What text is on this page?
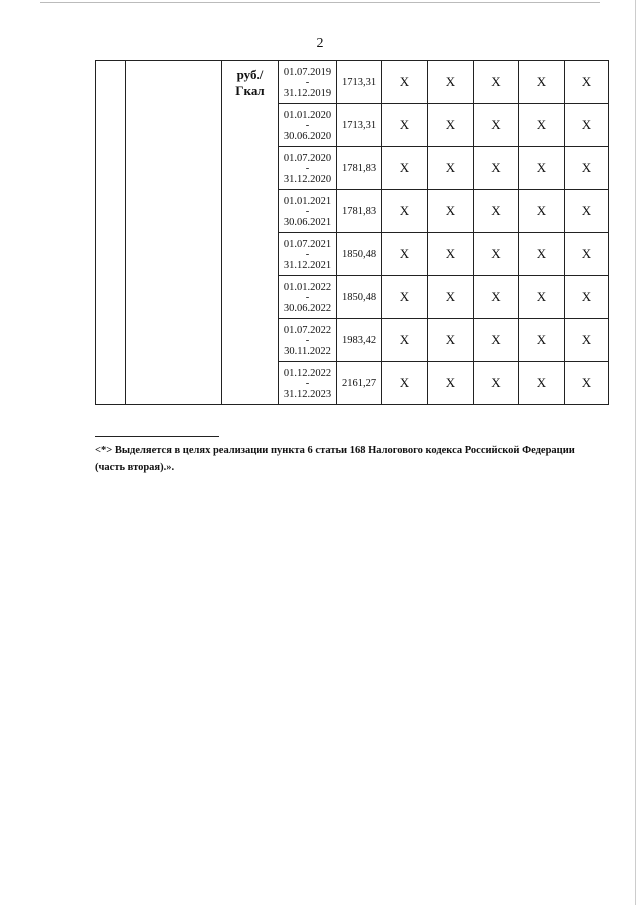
2
		руб./Гкал	01.07.2019
-
31.12.2019	1713,31	X	X	X	X	X

			01.01.2020
-
30.06.2020	1713,31	X	X	X	X	X

			01.07.2020
-
31.12.2020	1781,83	X	X	X	X	X

			01.01.2021
-
30.06.2021	1781,83	X	X	X	X	X

			01.07.2021
-
31.12.2021	1850,48	X	X	X	X	X

			01.01.2022
-
30.06.2022	1850,48	X	X	X	X	X

			01.07.2022
-
30.11.2022	1983,42	X	X	X	X	X

			01.12.2022
-
31.12.2023	2161,27	X	X	X	X	X
<*> Выделяется в целях реализации пункта 6 статьи 168 Налогового кодекса Российской Федерации (часть вторая).».
